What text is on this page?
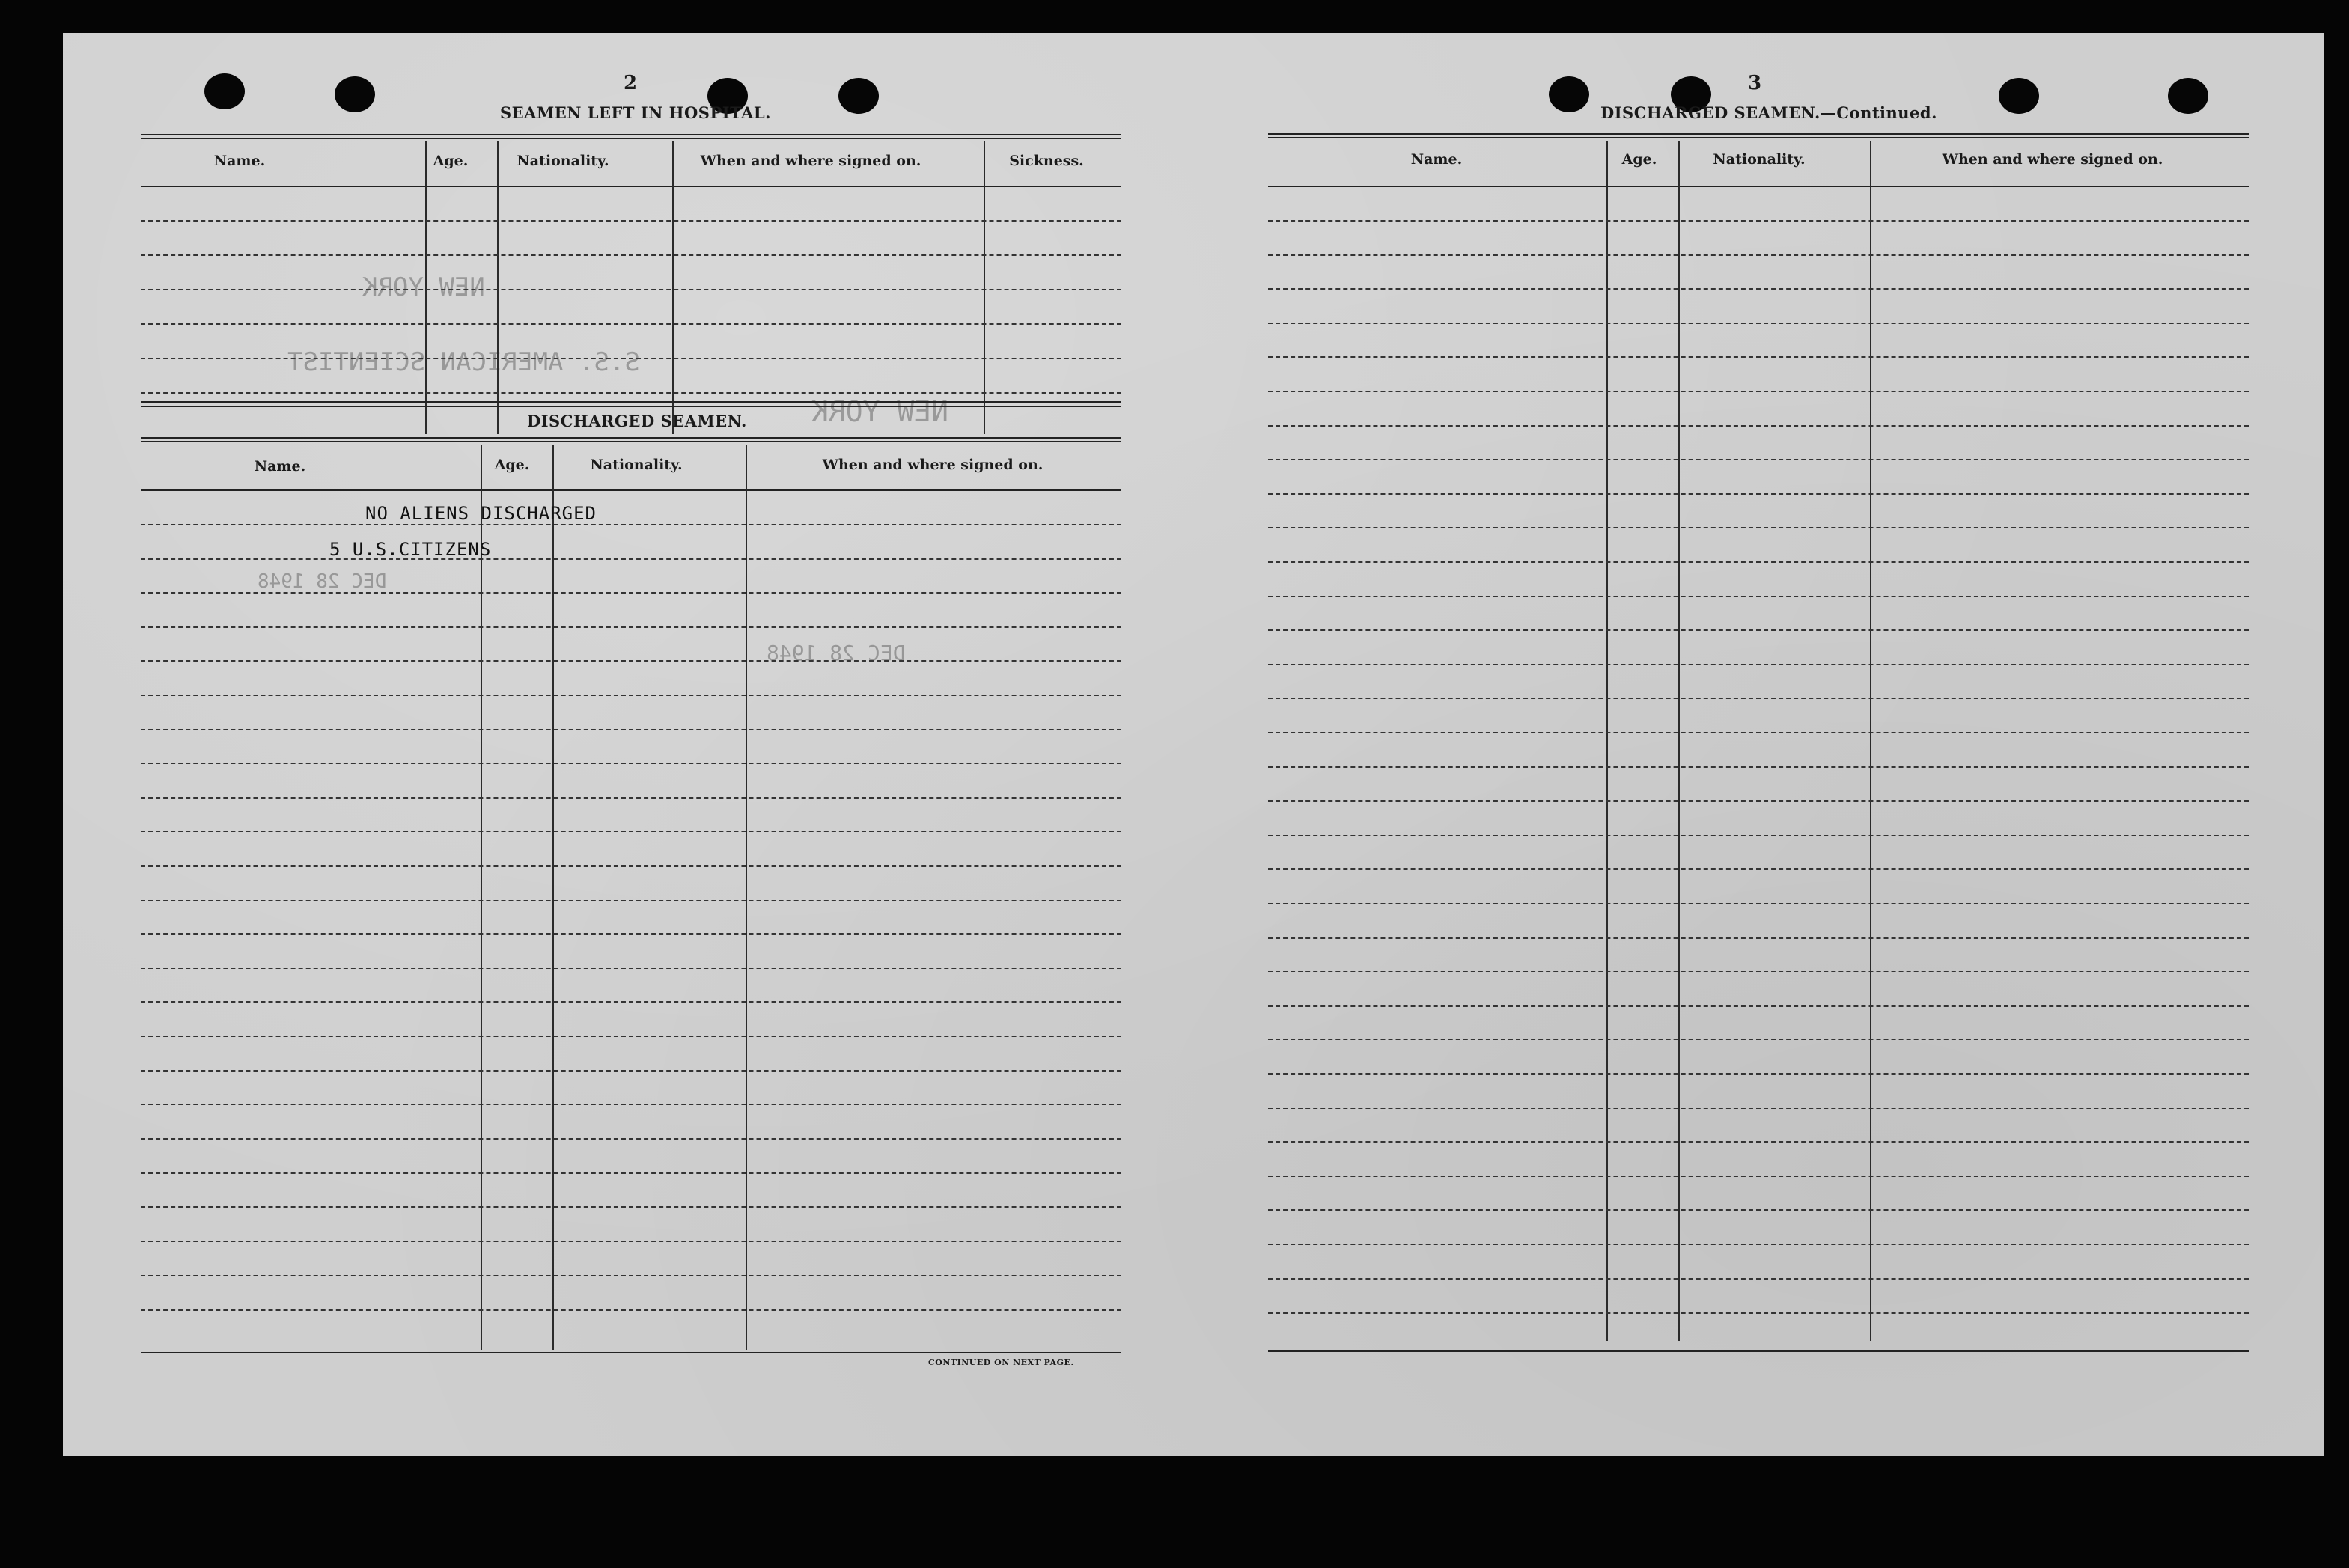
NEW YORK
S.S. AMERICAN SCIENTIST
NEW YORK
DEC 28 1948
DEC 28 1948
2
SEAMEN LEFT IN HOSPITAL.
Name.	Age.	Nationality.	When and where signed on.	Sickness.
DISCHARGED SEAMEN.
Name.	Age.	Nationality.	When and where signed on.
NO ALIENS DISCHARGED
5 U.S.CITIZENS
CONTINUED ON NEXT PAGE.
3
DISCHARGED SEAMEN.—Continued.
Name.	Age.	Nationality.	When and where signed on.
